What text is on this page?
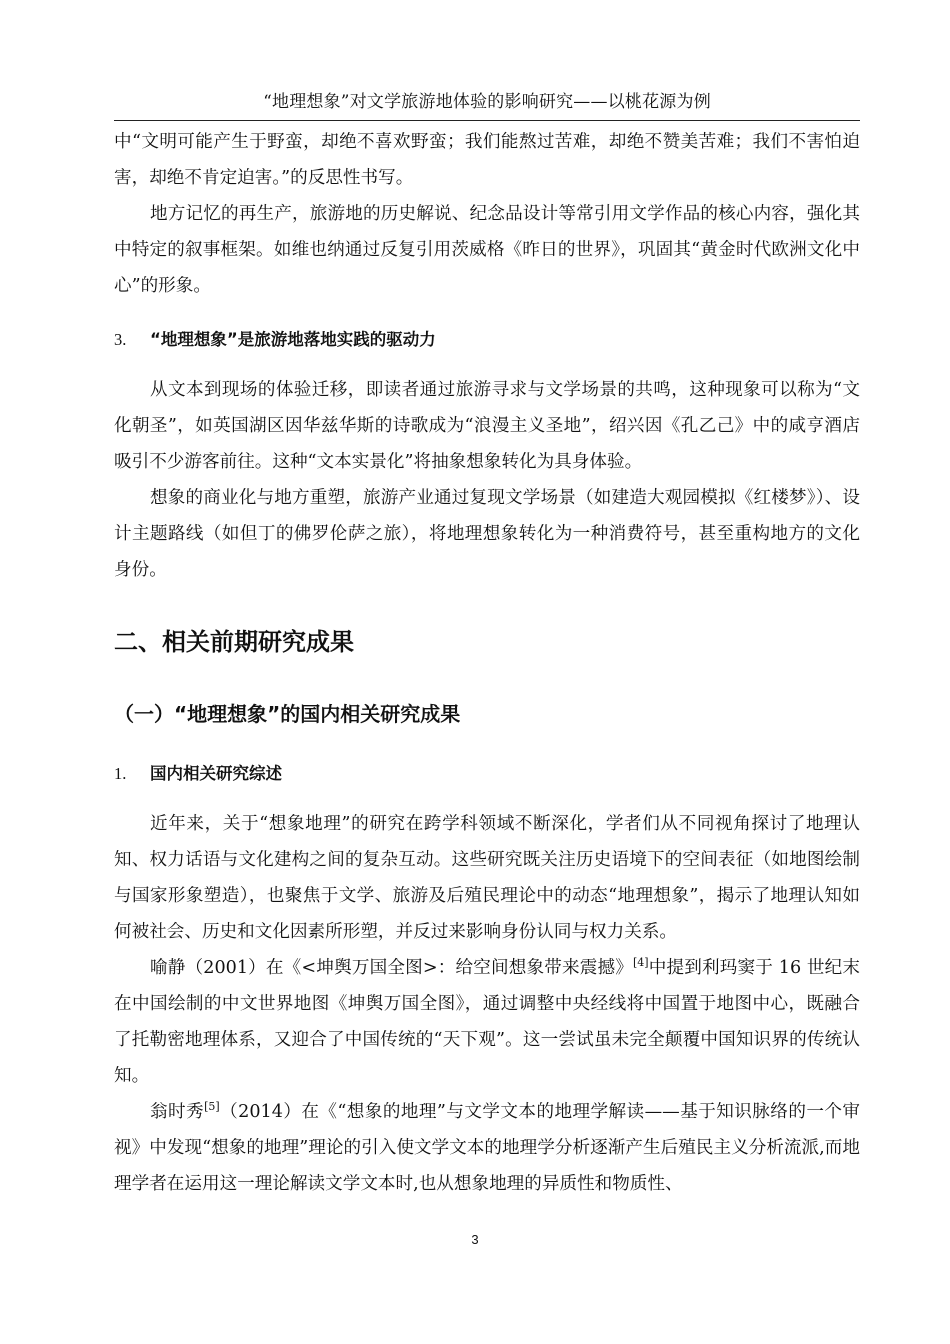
“地理想象”对文学旅游地体验的影响研究——以桃花源为例

中“文明可能产生于野蛮，却绝不喜欢野蛮；我们能熬过苦难，却绝不赞美苦难；我们不害怕迫害，却绝不肯定迫害。”的反思性书写。

地方记忆的再生产，旅游地的历史解说、纪念品设计等常引用文学作品的核心内容，强化其中特定的叙事框架。如维也纳通过反复引用茨威格《昨日的世界》，巩固其“黄金时代欧洲文化中心”的形象。

3. “地理想象”是旅游地落地实践的驱动力

从文本到现场的体验迁移，即读者通过旅游寻求与文学场景的共鸣，这种现象可以称为“文化朝圣”，如英国湖区因华兹华斯的诗歌成为“浪漫主义圣地”，绍兴因《孔乙己》中的咸亨酒店吸引不少游客前往。这种“文本实景化”将抽象想象转化为具身体验。

想象的商业化与地方重塑，旅游产业通过复现文学场景（如建造大观园模拟《红楼梦》）、设计主题路线（如但丁的佛罗伦萨之旅），将地理想象转化为一种消费符号，甚至重构地方的文化身份。

二、相关前期研究成果
（一）“地理想象”的国内相关研究成果
1. 国内相关研究综述

近年来，关于“想象地理”的研究在跨学科领域不断深化，学者们从不同视角探讨了地理认知、权力话语与文化建构之间的复杂互动。这些研究既关注历史语境下的空间表征（如地图绘制与国家形象塑造），也聚焦于文学、旅游及后殖民理论中的动态“地理想象”，揭示了地理认知如何被社会、历史和文化因素所形塑，并反过来影响身份认同与权力关系。

喻静（2001）在《<坤舆万国全图>：给空间想象带来震撼》[4]中提到利玛窦于 16 世纪末在中国绘制的中文世界地图《坤舆万国全图》，通过调整中央经线将中国置于地图中心，既融合了托勒密地理体系，又迎合了中国传统的“天下观”。这一尝试虽未完全颠覆中国知识界的传统认知。

翁时秀[5]（2014）在《“想象的地理”与文学文本的地理学解读——基于知识脉络的一个审视》中发现“想象的地理”理论的引入使文学文本的地理学分析逐渐产生后殖民主义分析流派,而地理学者在运用这一理论解读文学文本时,也从想象地理的异质性和物质性、

3
